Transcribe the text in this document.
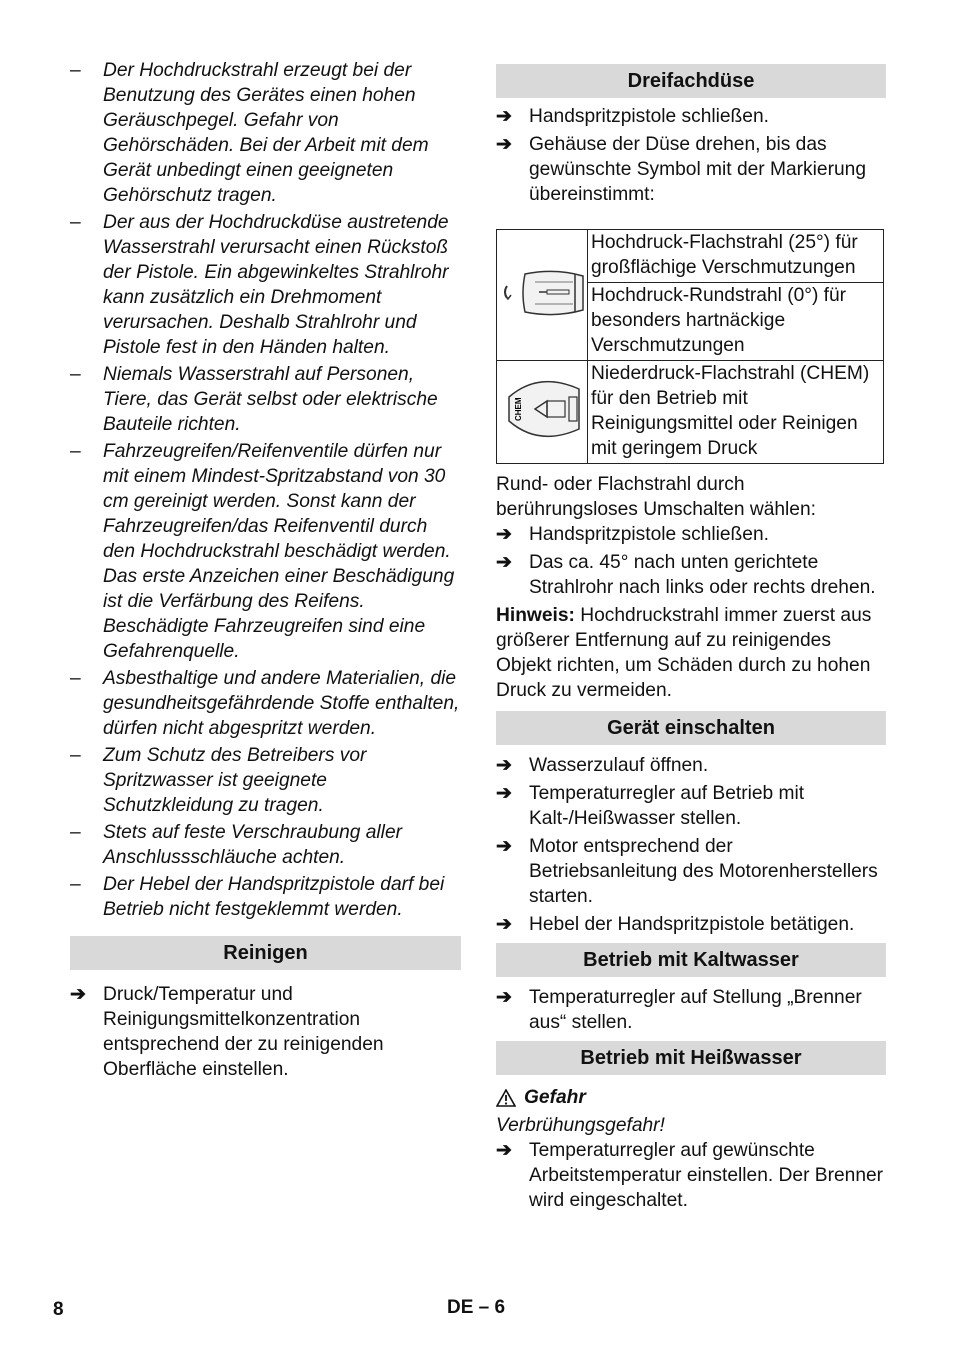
–	Der Hochdruckstrahl erzeugt bei der Benutzung des Gerätes einen hohen Geräuschpegel. Gefahr von Gehörschäden. Bei der Arbeit mit dem Gerät unbedingt einen geeigneten Gehörschutz tragen.
–	Der aus der Hochdruckdüse austretende Wasserstrahl verursacht einen Rückstoß der Pistole. Ein abgewinkeltes Strahlrohr kann zusätzlich ein Drehmoment verursachen. Deshalb Strahlrohr und Pistole fest in den Händen halten.
–	Niemals Wasserstrahl auf Personen, Tiere, das Gerät selbst oder elektrische Bauteile richten.
–	Fahrzeugreifen/Reifenventile dürfen nur mit einem Mindest-Spritzabstand von 30 cm gereinigt werden. Sonst kann der Fahrzeugreifen/das Reifenventil durch den Hochdruckstrahl beschädigt werden. Das erste Anzeichen einer Beschädigung ist die Verfärbung des Reifens. Beschädigte Fahrzeugreifen sind eine Gefahrenquelle.
–	Asbesthaltige und andere Materialien, die gesundheitsgefährdende Stoffe enthalten, dürfen nicht abgespritzt werden.
–	Zum Schutz des Betreibers vor Spritzwasser ist geeignete Schutzkleidung zu tragen.
–	Stets auf feste Verschraubung aller Anschlussschläuche achten.
–	Der Hebel der Handspritzpistole darf bei Betrieb nicht festgeklemmt werden.
Reinigen
➔ Druck/Temperatur und Reinigungsmittelkonzentration entsprechend der zu reinigenden Oberfläche einstellen.
Dreifachdüse
➔ Handspritzpistole schließen.
➔ Gehäuse der Düse drehen, bis das gewünschte Symbol mit der Markierung übereinstimmt:
	Hochdruck-Flachstrahl (25°) für großflächige Verschmutzungen
	Hochdruck-Rundstrahl (0°) für besonders hartnäckige Verschmutzungen

CHEM	Niederdruck-Flachstrahl (CHEM) für den Betrieb mit Reinigungsmittel oder Reinigen mit geringem Druck
Rund- oder Flachstrahl durch berührungsloses Umschalten wählen:
➔ Handspritzpistole schließen.
➔ Das ca. 45° nach unten gerichtete Strahlrohr nach links oder rechts drehen.
Hinweis: Hochdruckstrahl immer zuerst aus größerer Entfernung auf zu reinigendes Objekt richten, um Schäden durch zu hohen Druck zu vermeiden.
Gerät einschalten
➔ Wasserzulauf öffnen.
➔ Temperaturregler auf Betrieb mit Kalt-/Heißwasser stellen.
➔ Motor entsprechend der Betriebsanleitung des Motorenherstellers starten.
➔ Hebel der Handspritzpistole betätigen.
Betrieb mit Kaltwasser
➔ Temperaturregler auf Stellung „Brenner aus“ stellen.
Betrieb mit Heißwasser
Gefahr
Verbrühungsgefahr!
➔ Temperaturregler auf gewünschte Arbeitstemperatur einstellen. Der Brenner wird eingeschaltet.
8	DE – 6
